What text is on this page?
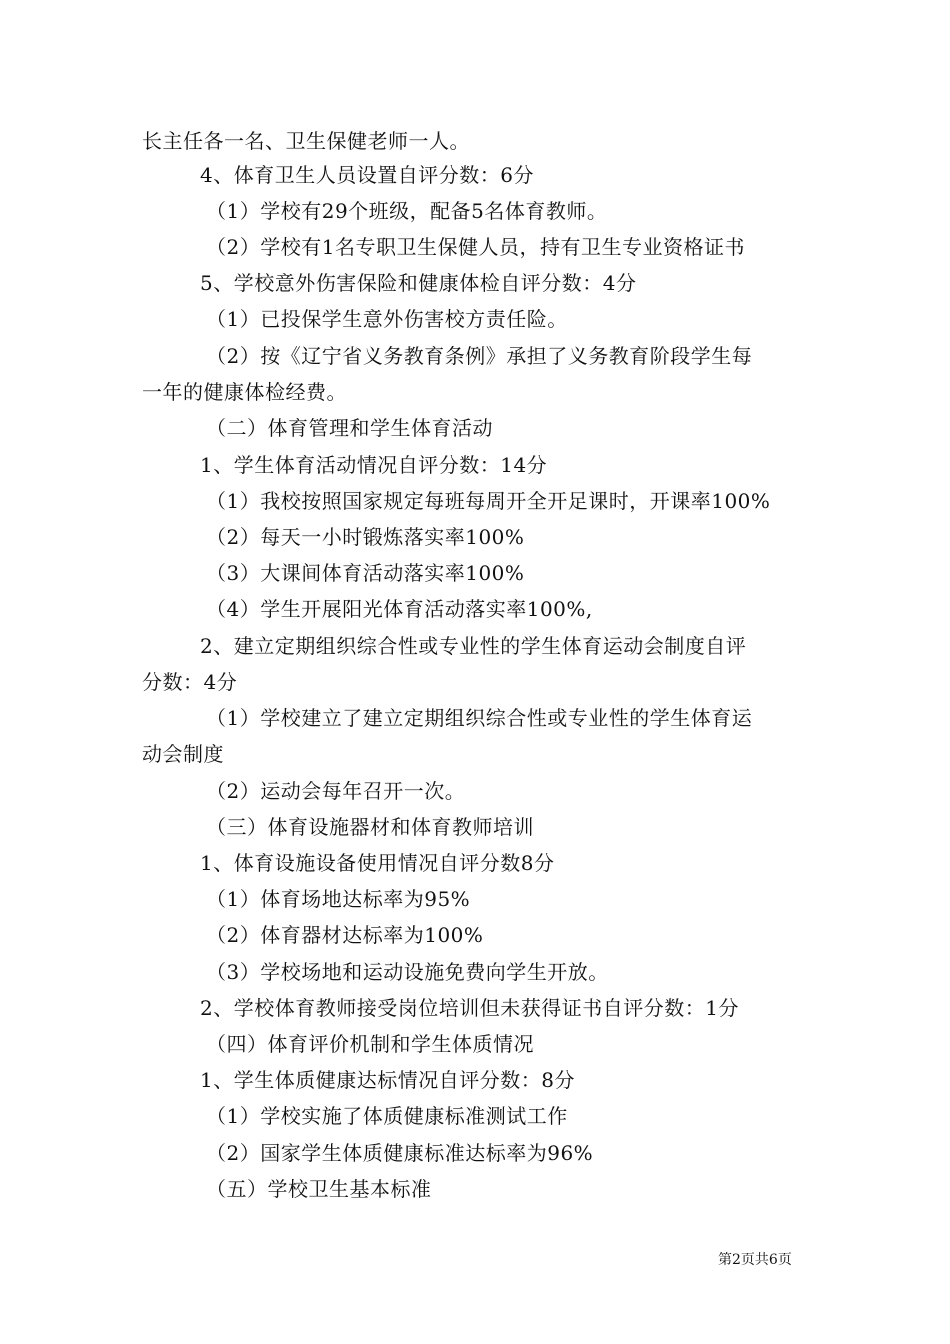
长主任各一名、卫生保健老师一人。
4、体育卫生人员设置自评分数：6分
（1）学校有29个班级，配备5名体育教师。
（2）学校有1名专职卫生保健人员，持有卫生专业资格证书
5、学校意外伤害保险和健康体检自评分数：4分
（1）已投保学生意外伤害校方责任险。
（2）按《辽宁省义务教育条例》承担了义务教育阶段学生每
一年的健康体检经费。
（二）体育管理和学生体育活动
1、学生体育活动情况自评分数：14分
（1）我校按照国家规定每班每周开全开足课时，开课率100%
（2）每天一小时锻炼落实率100%
（3）大课间体育活动落实率100%
（4）学生开展阳光体育活动落实率100%,
2、建立定期组织综合性或专业性的学生体育运动会制度自评
分数：4分
（1）学校建立了建立定期组织综合性或专业性的学生体育运
动会制度
（2）运动会每年召开一次。
（三）体育设施器材和体育教师培训
1、体育设施设备使用情况自评分数8分
（1）体育场地达标率为95%
（2）体育器材达标率为100%
（3）学校场地和运动设施免费向学生开放。
2、学校体育教师接受岗位培训但未获得证书自评分数：1分
（四）体育评价机制和学生体质情况
1、学生体质健康达标情况自评分数：8分
（1）学校实施了体质健康标准测试工作
（2）国家学生体质健康标准达标率为96%
（五）学校卫生基本标准
第2页共6页
